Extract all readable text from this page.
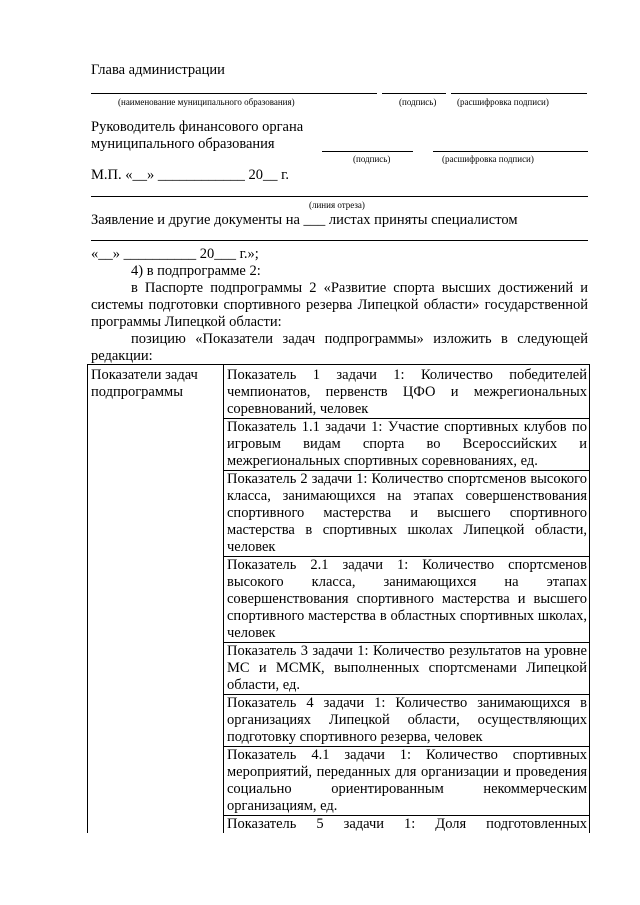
Глава администрации
(наименование муниципального образования)	(подпись) (расшифровка подписи)
Руководитель финансового органа
муниципального образования
(подпись)	(расшифровка подписи)
М.П. «__» ____________ 20__ г.
(линия отреза)
Заявление и другие документы на ___ листах приняты специалистом
«__» __________ 20___ г.»;
4) в подпрограмме 2:
в Паспорте подпрограммы 2 «Развитие спорта высших достижений и системы подготовки спортивного резерва Липецкой области» государственной программы Липецкой области:
позицию «Показатели задач подпрограммы» изложить в следующей редакции:
Показатели задач подпрограммы	
Показатель 1 задачи 1: Количество победителей чемпионатов, первенств ЦФО и межрегиональных соревнований, человек
Показатель 1.1 задачи 1: Участие спортивных клубов по игровым видам спорта во Всероссийских и межрегиональных спортивных соревнованиях, ед.
Показатель 2 задачи 1: Количество спортсменов высокого класса, занимающихся на этапах совершенствования спортивного мастерства и высшего спортивного мастерства в спортивных школах Липецкой области, человек
Показатель 2.1 задачи 1: Количество спортсменов высокого класса, занимающихся на этапах совершенствования спортивного мастерства и высшего спортивного мастерства в областных спортивных школах, человек
Показатель 3 задачи 1: Количество результатов на уровне МС и МСМК, выполненных спортсменами Липецкой области, ед.
Показатель 4 задачи 1: Количество занимающихся в организациях Липецкой области, осуществляющих подготовку спортивного резерва, человек
Показатель 4.1 задачи 1: Количество спортивных мероприятий, переданных для организации и проведения социально ориентированным некоммерческим организациям, ед.
Показатель 5 задачи 1: Доля подготовленных
